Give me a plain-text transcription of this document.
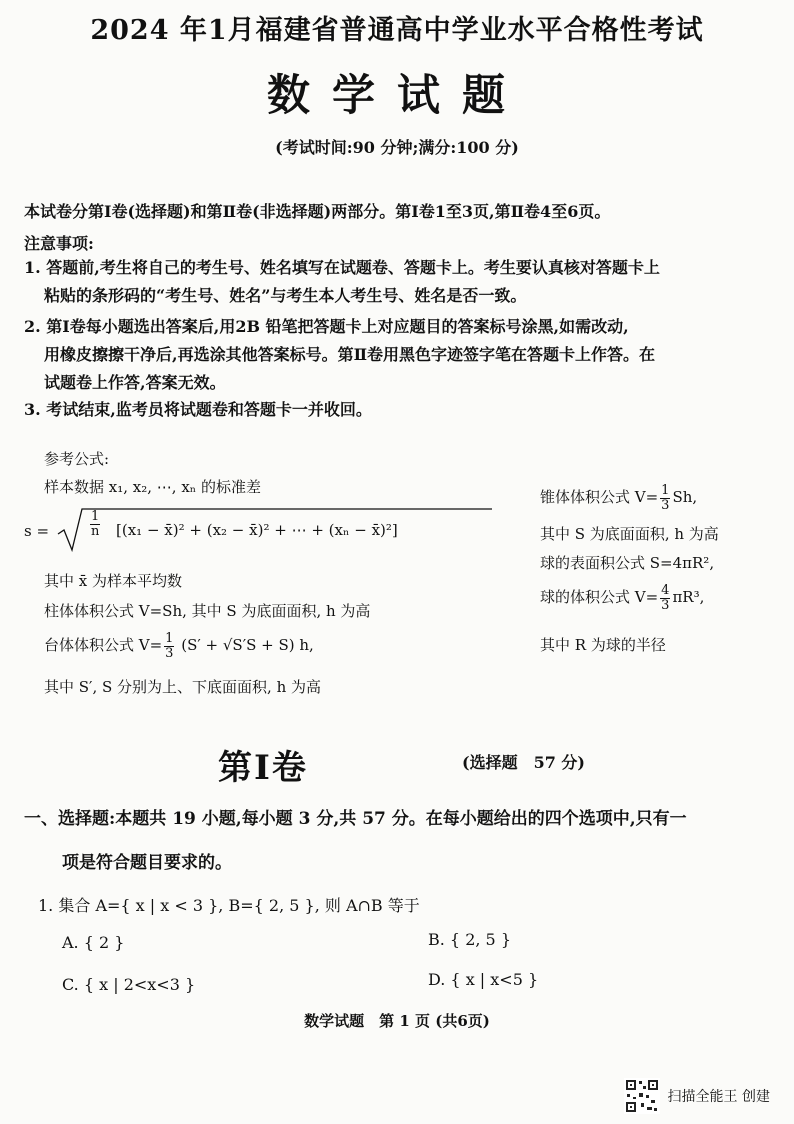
2024 年1月福建省普通高中学业水平合格性考试
数学试题
(考试时间:90 分钟;满分:100 分)
本试卷分第Ⅰ卷(选择题)和第Ⅱ卷(非选择题)两部分。第Ⅰ卷1至3页,第Ⅱ卷4至6页。
注意事项:
1. 答题前,考生将自己的考生号、姓名填写在试题卷、答题卡上。考生要认真核对答题卡上
粘贴的条形码的“考生号、姓名”与考生本人考生号、姓名是否一致。
2. 第Ⅰ卷每小题选出答案后,用2B 铅笔把答题卡上对应题目的答案标号涂黑,如需改动,
用橡皮擦擦干净后,再选涂其他答案标号。第Ⅱ卷用黑色字迹签字笔在答题卡上作答。在
试题卷上作答,答案无效。
3. 考试结束,监考员将试题卷和答题卡一并收回。
参考公式:
样本数据 x₁, x₂, ⋯, xₙ 的标准差
s =	$\frac{1}{n} [(x_1$ − x̄)² + (x₂ − x̄)² + ⋯ + (xₙ − x̄)²]
其中 x̄ 为样本平均数
柱体体积公式 V=Sh, 其中 S 为底面面积, h 为高
台体体积公式 $V= \frac{1}{3} (S' + √S'S + S)$ h,
其中 S′, S 分别为上、下底面面积, h 为高
锥体体积公式 $V= \frac{1}{3} Sh$,
其中 S 为底面面积, h 为高
球的表面积公式 S=4πR²,
球的体积公式 $V= \frac{4}{3} \pi R^3$,
其中 R 为球的半径
第Ⅰ卷	(选择题　57 分)
一、选择题:本题共 19 小题,每小题 3 分,共 57 分。在每小题给出的四个选项中,只有一
项是符合题目要求的。
1. 集合 A={ x | x < 3 }, B={ 2, 5 }, 则 A∩B 等于
A. { 2 }	B. { 2, 5 }
C. { x | 2<x<3 }	D. { x | x<5 }
数学试题　第 1 页 (共6页)
扫描全能王 创建
